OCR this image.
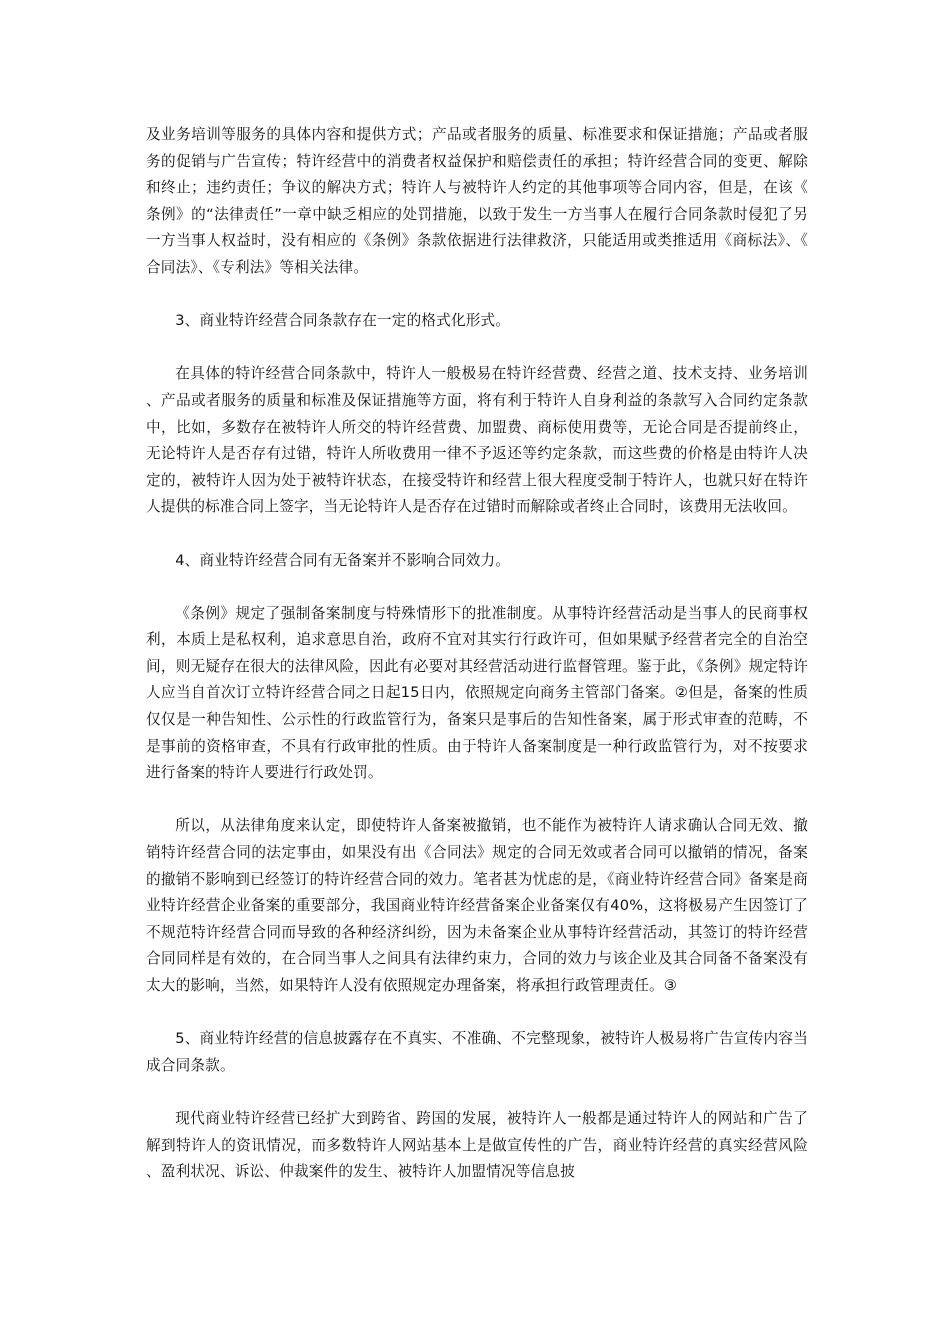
及业务培训等服务的具体内容和提供方式；产品或者服务的质量、标准要求和保证措施；产品或者服务的促销与广告宣传；特许经营中的消费者权益保护和赔偿责任的承担；特许经营合同的变更、解除和终止；违约责任；争议的解决方式；特许人与被特许人约定的其他事项等合同内容，但是，在该《条例》的“法律责任”一章中缺乏相应的处罚措施，以致于发生一方当事人在履行合同条款时侵犯了另一方当事人权益时，没有相应的《条例》条款依据进行法律救济，只能适用或类推适用《商标法》、《合同法》、《专利法》等相关法律。

3、商业特许经营合同条款存在一定的格式化形式。

在具体的特许经营合同条款中，特许人一般极易在特许经营费、经营之道、技术支持、业务培训、产品或者服务的质量和标准及保证措施等方面，将有利于特许人自身利益的条款写入合同约定条款中，比如，多数存在被特许人所交的特许经营费、加盟费、商标使用费等，无论合同是否提前终止，无论特许人是否存有过错，特许人所收费用一律不予返还等约定条款，而这些费的价格是由特许人决定的，被特许人因为处于被特许状态，在接受特许和经营上很大程度受制于特许人，也就只好在特许人提供的标准合同上签字，当无论特许人是否存在过错时而解除或者终止合同时，该费用无法收回。

4、商业特许经营合同有无备案并不影响合同效力。

《条例》规定了强制备案制度与特殊情形下的批准制度。从事特许经营活动是当事人的民商事权利，本质上是私权利，追求意思自治，政府不宜对其实行行政许可，但如果赋予经营者完全的自治空间，则无疑存在很大的法律风险，因此有必要对其经营活动进行监督管理。鉴于此，《条例》规定特许人应当自首次订立特许经营合同之日起15日内，依照规定向商务主管部门备案。②但是，备案的性质仅仅是一种告知性、公示性的行政监管行为，备案只是事后的告知性备案，属于形式审查的范畴，不是事前的资格审查，不具有行政审批的性质。由于特许人备案制度是一种行政监管行为，对不按要求进行备案的特许人要进行行政处罚。

所以，从法律角度来认定，即使特许人备案被撤销，也不能作为被特许人请求确认合同无效、撤销特许经营合同的法定事由，如果没有出《合同法》规定的合同无效或者合同可以撤销的情况，备案的撤销不影响到已经签订的特许经营合同的效力。笔者甚为忧虑的是，《商业特许经营合同》备案是商业特许经营企业备案的重要部分，我国商业特许经营备案企业备案仅有40%，这将极易产生因签订了不规范特许经营合同而导致的各种经济纠纷，因为未备案企业从事特许经营活动，其签订的特许经营合同同样是有效的，在合同当事人之间具有法律约束力，合同的效力与该企业及其合同备不备案没有太大的影响，当然，如果特许人没有依照规定办理备案，将承担行政管理责任。③

5、商业特许经营的信息披露存在不真实、不准确、不完整现象，被特许人极易将广告宣传内容当成合同条款。

现代商业特许经营已经扩大到跨省、跨国的发展，被特许人一般都是通过特许人的网站和广告了解到特许人的资讯情况，而多数特许人网站基本上是做宣传性的广告，商业特许经营的真实经营风险、盈利状况、诉讼、仲裁案件的发生、被特许人加盟情况等信息披
